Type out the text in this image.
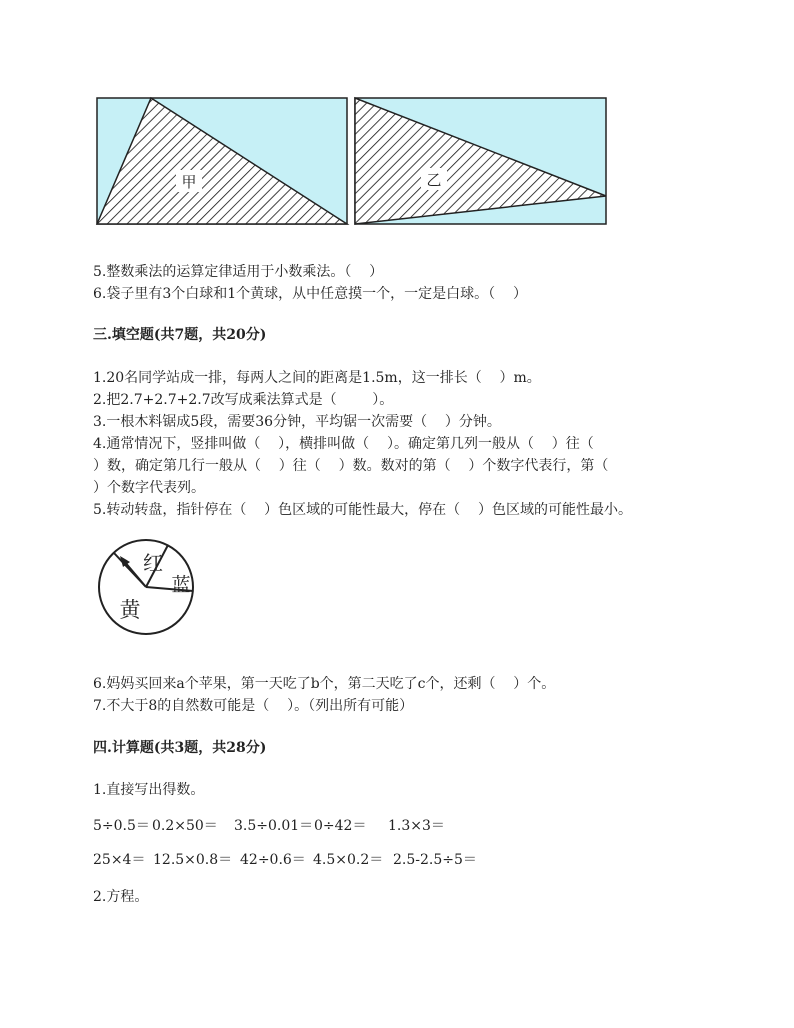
甲	乙
5.整数乘法的运算定律适用于小数乘法。（    ）
6.袋子里有3个白球和1个黄球，从中任意摸一个，一定是白球。（    ）
三.填空题(共7题，共20分)
1.20名同学站成一排，每两人之间的距离是1.5m，这一排长（    ）m。
2.把2.7+2.7+2.7改写成乘法算式是（        ）。
3.一根木料锯成5段，需要36分钟，平均锯一次需要（    ）分钟。
4.通常情况下，竖排叫做（    ），横排叫做（    ）。确定第几列一般从（    ）往（
）数，确定第几行一般从（    ）往（    ）数。数对的第（    ）个数字代表行，第（
）个数字代表列。
5.转动转盘，指针停在（    ）色区域的可能性最大，停在（    ）色区域的可能性最小。
红
蓝
黄
6.妈妈买回来a个苹果，第一天吃了b个，第二天吃了c个，还剩（    ）个。
7.不大于8的自然数可能是（    ）。（列出所有可能）
四.计算题(共3题，共28分)
1.直接写出得数。
5÷0.5＝ 0.2×50＝ 3.5÷0.01＝ 0÷42＝ 1.3×3＝
25×4＝ 12.5×0.8＝ 42÷0.6＝ 4.5×0.2＝ 2.5-2.5÷5＝
2.方程。
